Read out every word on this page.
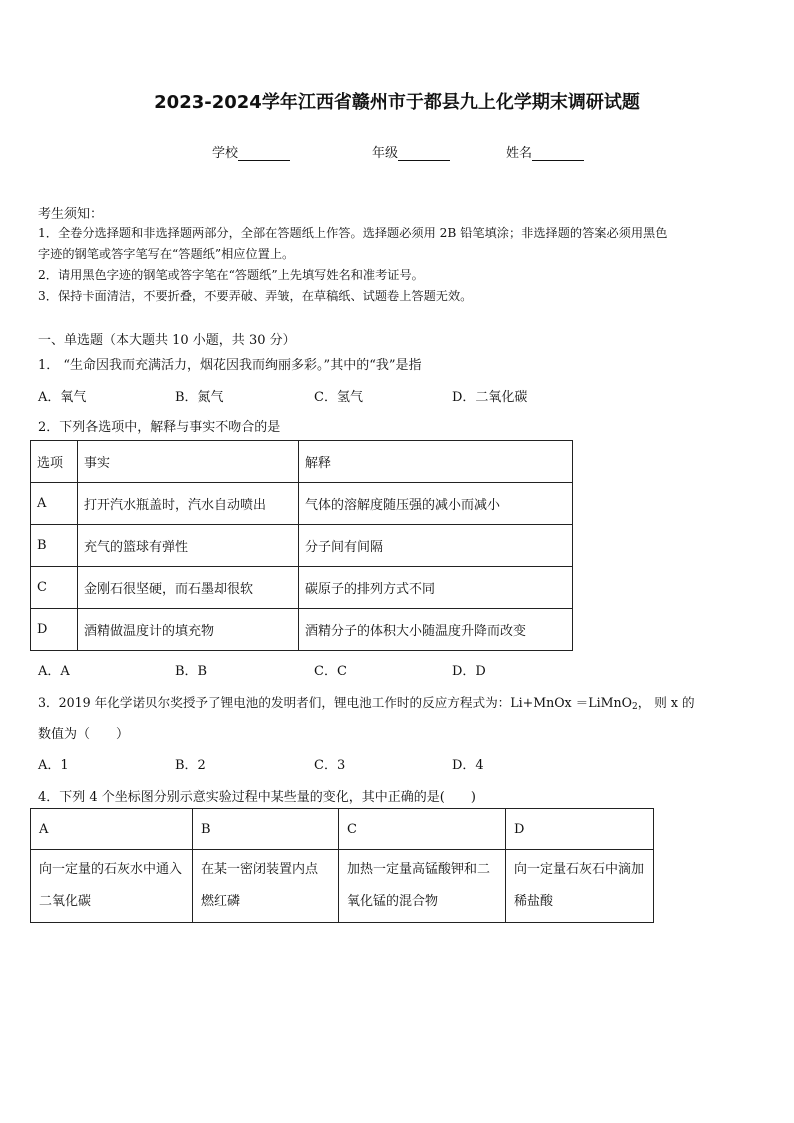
2023-2024学年江西省赣州市于都县九上化学期末调研试题
学校	年级	姓名
考生须知：
1．全卷分选择题和非选择题两部分，全部在答题纸上作答。选择题必须用 2B 铅笔填涂；非选择题的答案必须用黑色
字迹的钢笔或答字笔写在“答题纸”相应位置上。
2．请用黑色字迹的钢笔或答字笔在“答题纸”上先填写姓名和准考证号。
3．保持卡面清洁，不要折叠，不要弄破、弄皱，在草稿纸、试题卷上答题无效。
一、单选题（本大题共 10 小题，共 30 分）
1． “生命因我而充满活力，烟花因我而绚丽多彩。”其中的“我”是指
A．氧气	B．氮气	C．氢气	D．二氧化碳
2．下列各选项中，解释与事实不吻合的是
选项	事实	解释
A	打开汽水瓶盖时，汽水自动喷出	气体的溶解度随压强的减小而减小
B	充气的篮球有弹性	分子间有间隔
C	金刚石很坚硬，而石墨却很软	碳原子的排列方式不同
D	酒精做温度计的填充物	酒精分子的体积大小随温度升降而改变
A．A	B．B	C．C	D．D
3．2019 年化学诺贝尔奖授予了锂电池的发明者们，锂电池工作时的反应方程式为：Li+MnOx ＝LiMnO$_2$， 则 x 的
数值为（　　）
A．1	B．2	C．3	D．4
4．下列 4 个坐标图分别示意实验过程中某些量的变化，其中正确的是(　　)
A	B	C	D
向一定量的石灰水中通入二氧化碳	在某一密闭装置内点燃红磷	加热一定量高锰酸钾和二氧化锰的混合物	向一定量石灰石中滴加稀盐酸
